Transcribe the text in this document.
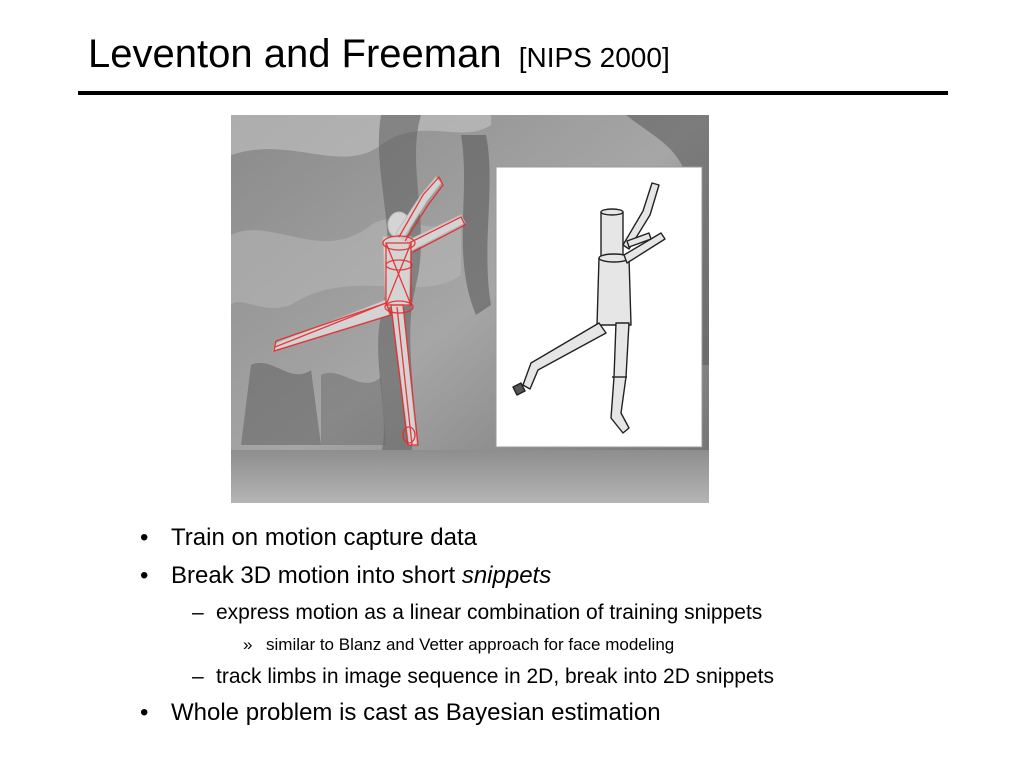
Leventon and Freeman [NIPS 2000]
• Train on motion capture data
• Break 3D motion into short snippets
– express motion as a linear combination of training snippets
» similar to Blanz and Vetter approach for face modeling
– track limbs in image sequence in 2D, break into 2D snippets
• Whole problem is cast as Bayesian estimation
